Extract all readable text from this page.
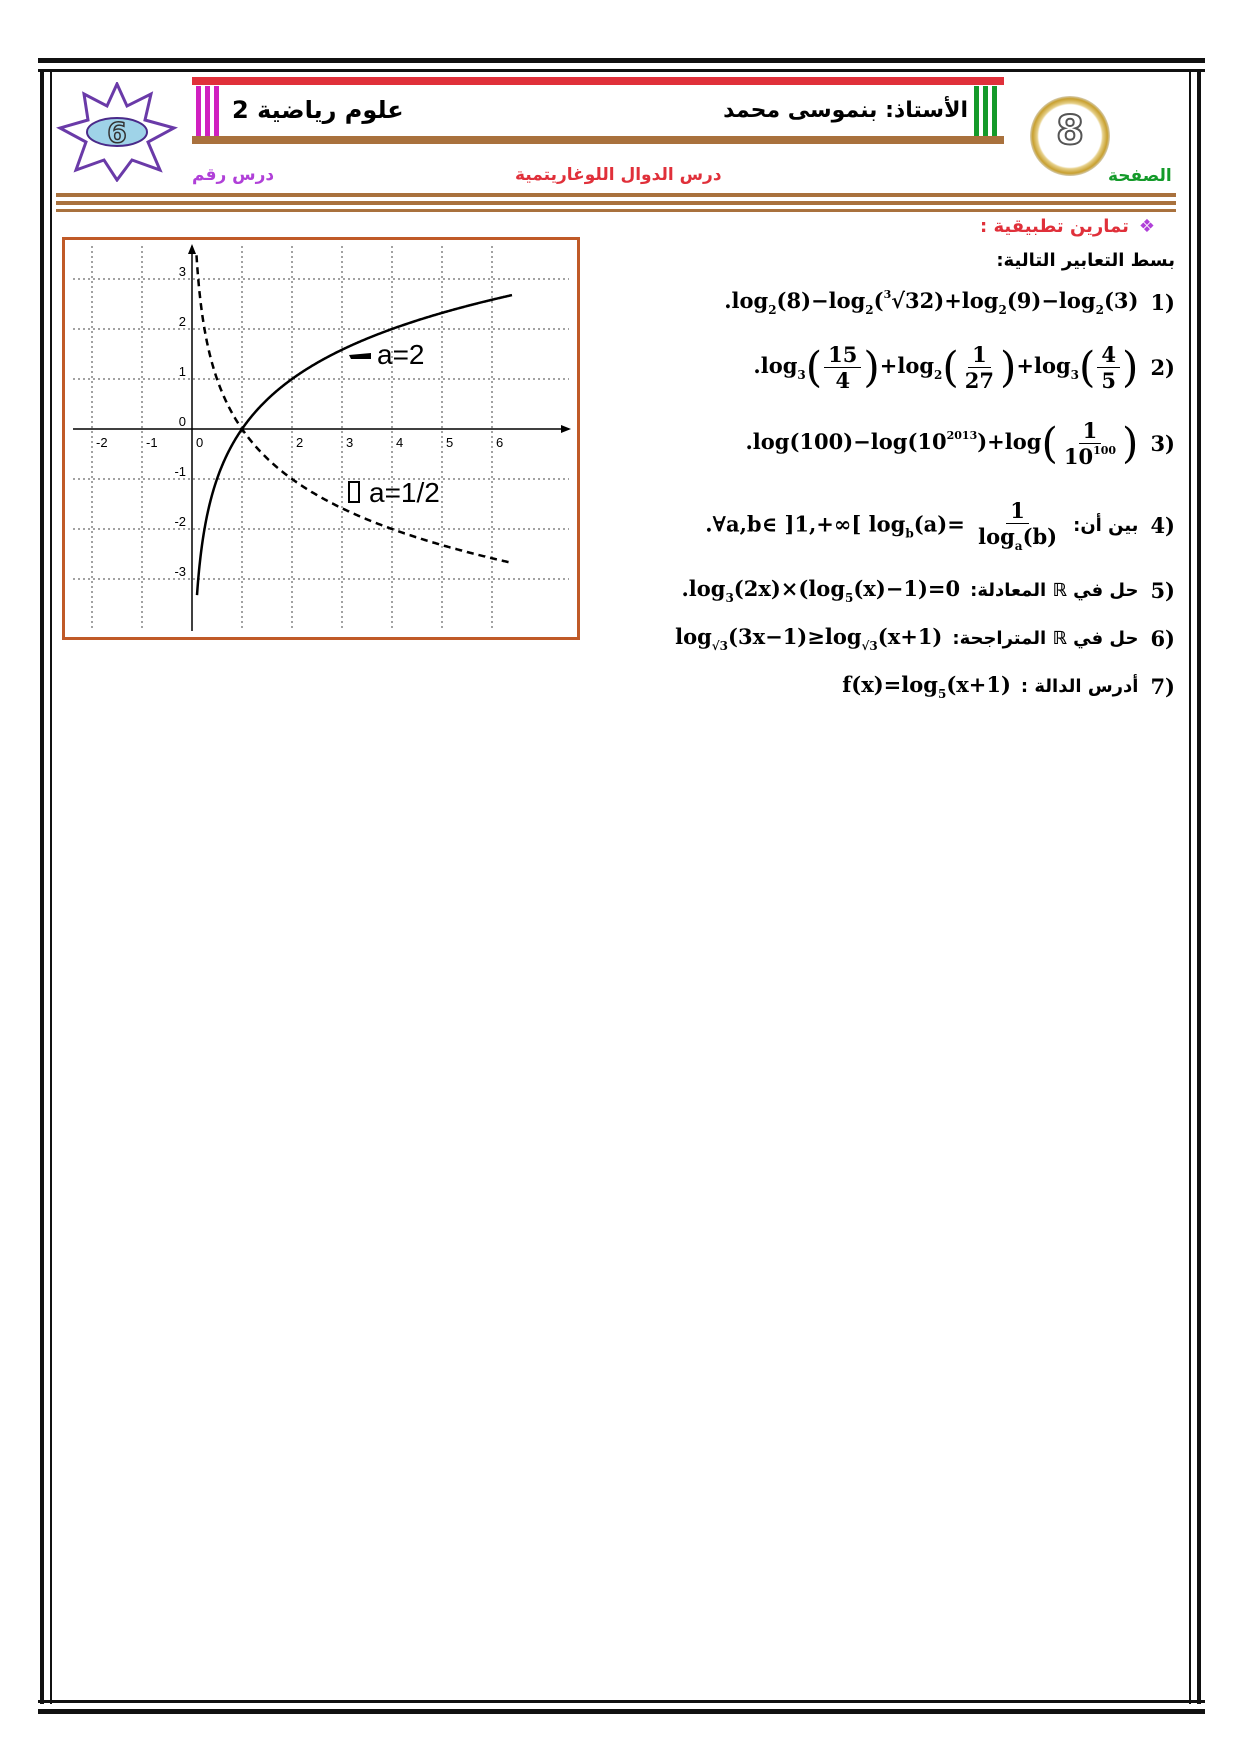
2 علوم رياضية	الأستاذ: بنموسى محمد
درس رقم	درس الدوال اللوغاريتمية	الصفحة
8
6
❖تمارين تطبيقية :
بسط التعابير التالية:
1)
$.\log_2(8)-\log_2(^3√32)+\log_2(9)-\log_2(3)$
2)
$.\log_3( \frac{15}{4} )+\log_2( \frac{1}{27} )+\log_3( \frac{4}{5}$ )
3)
$.\log(100)-\log(10^{2013})+\log( \frac{1}{10^{100}}$ )
4)
بين أن:
.∀a,b∈ ]1,+∞[ $\log_b(a)= \frac{1}{\log_a(b)}$
5)
حل في ℝ المعادلة:
$.\log_3(2x)\times(\log_5(x)-1)=0$
6)
حل في ℝ المتراجحة:
$\log_{√3}(3x-1)\ge\log_{√3}(x+1)$
7)
أدرس الدالة :
$f(x)=\log_5(x+1)$
-2	-1	0	2	3	4	5	6
3
2
1
0
-1
-2
-3
a=2
a=1/2
